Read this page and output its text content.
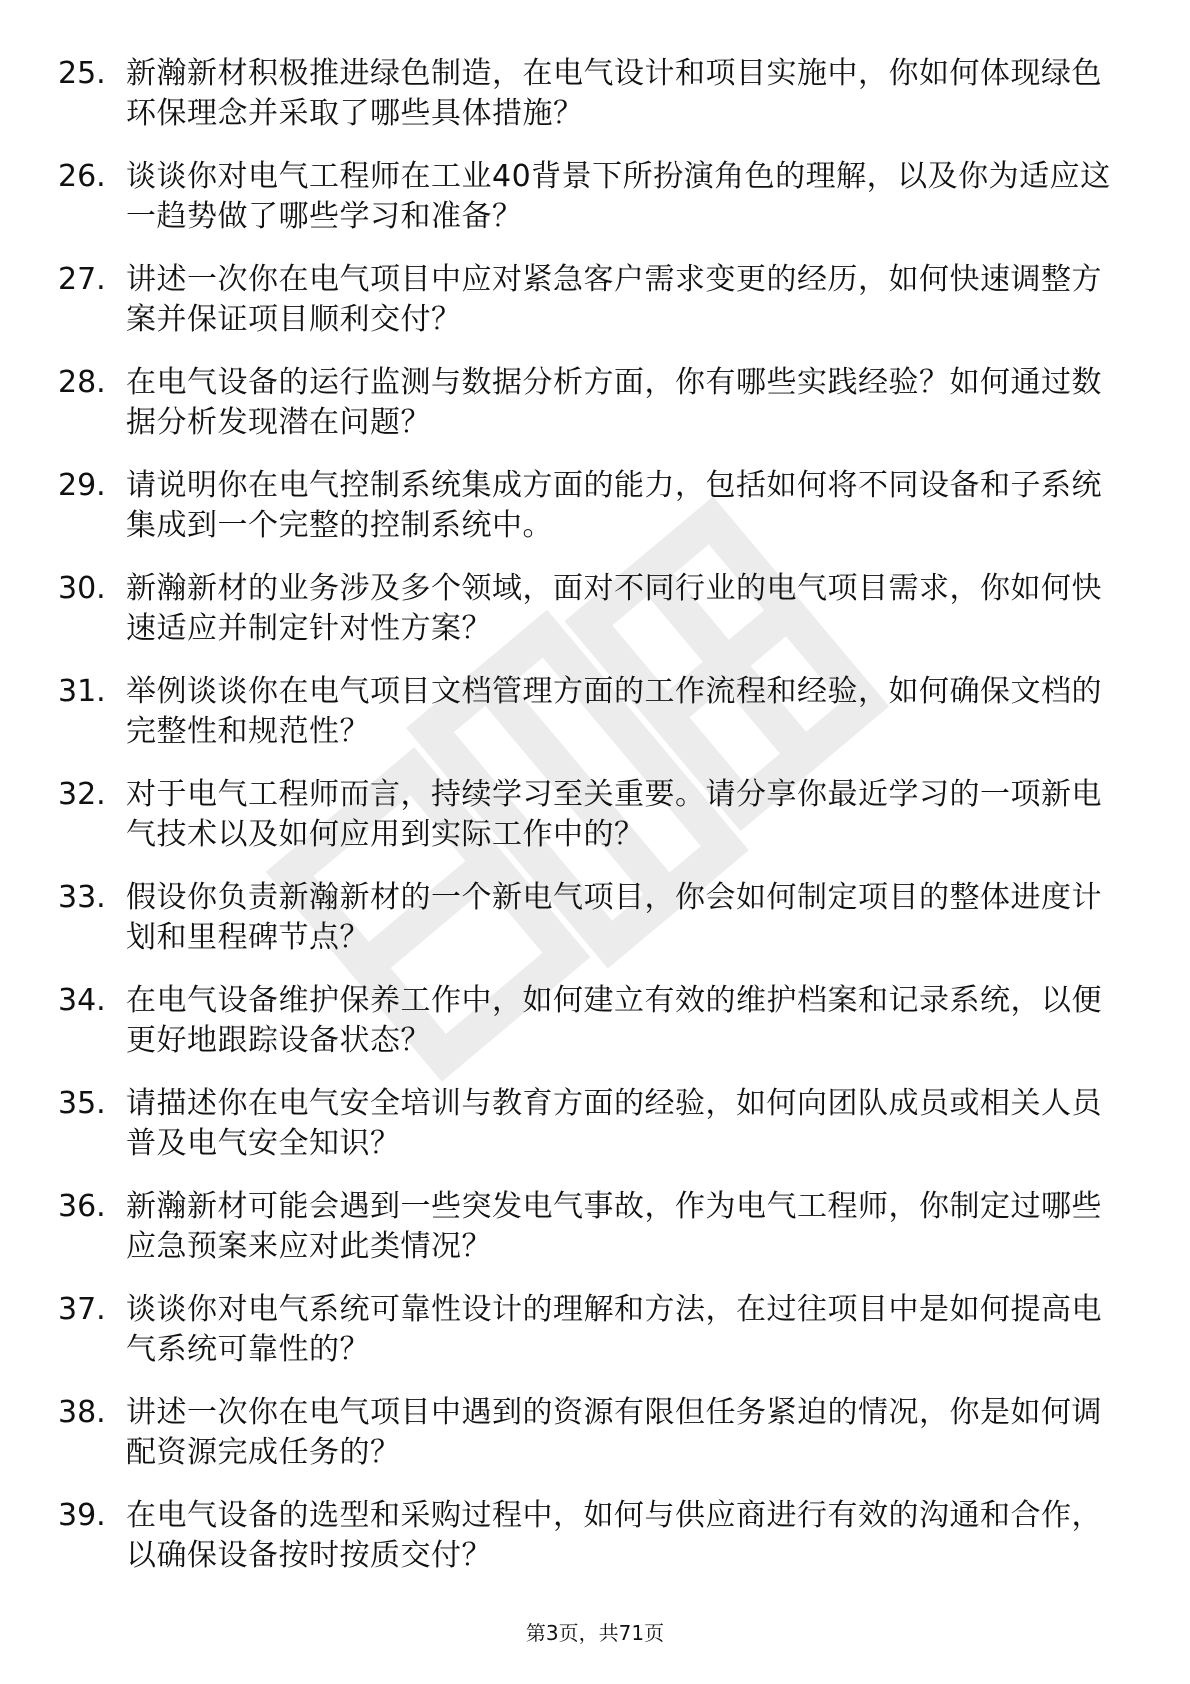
25. 新瀚新材积极推进绿色制造，在电气设计和项目实施中，你如何体现绿色环保理念并采取了哪些具体措施？
26. 谈谈你对电气工程师在工业40背景下所扮演角色的理解，以及你为适应这一趋势做了哪些学习和准备？
27. 讲述一次你在电气项目中应对紧急客户需求变更的经历，如何快速调整方案并保证项目顺利交付？
28. 在电气设备的运行监测与数据分析方面，你有哪些实践经验？如何通过数据分析发现潜在问题？
29. 请说明你在电气控制系统集成方面的能力，包括如何将不同设备和子系统集成到一个完整的控制系统中。
30. 新瀚新材的业务涉及多个领域，面对不同行业的电气项目需求，你如何快速适应并制定针对性方案？
31. 举例谈谈你在电气项目文档管理方面的工作流程和经验，如何确保文档的完整性和规范性？
32. 对于电气工程师而言，持续学习至关重要。请分享你最近学习的一项新电气技术以及如何应用到实际工作中的？
33. 假设你负责新瀚新材的一个新电气项目，你会如何制定项目的整体进度计划和里程碑节点？
34. 在电气设备维护保养工作中，如何建立有效的维护档案和记录系统，以便更好地跟踪设备状态？
35. 请描述你在电气安全培训与教育方面的经验，如何向团队成员或相关人员普及电气安全知识？
36. 新瀚新材可能会遇到一些突发电气事故，作为电气工程师，你制定过哪些应急预案来应对此类情况？
37. 谈谈你对电气系统可靠性设计的理解和方法，在过往项目中是如何提高电气系统可靠性的？
38. 讲述一次你在电气项目中遇到的资源有限但任务紧迫的情况，你是如何调配资源完成任务的？
39. 在电气设备的选型和采购过程中，如何与供应商进行有效的沟通和合作，以确保设备按时按质交付？
第3页，共71页
